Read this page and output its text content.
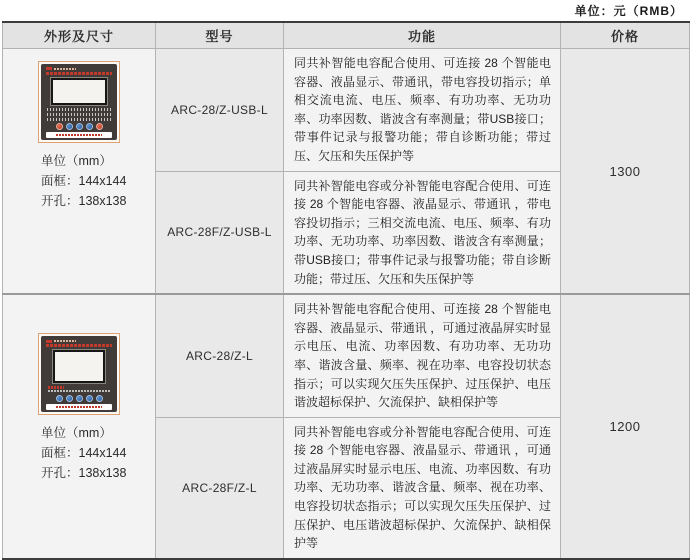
单位：元（RMB）
外形及尺寸	型号	功能	价格

单位（mm）
面框：144x144
开孔：138x138	ARC-28/Z-USB-L	同共补智能电容配合使用、可连接 28 个智能电容器、液晶显示、带通讯，带电容投切指示；单相交流电流、电压、频率、有功功率、无功功率、功率因数、谐波含有率测量；带USB接口；带事件记录与报警功能；带自诊断功能；带过压、欠压和失压保护等	1300
	ARC-28F/Z-USB-L	同共补智能电容或分补智能电容配合使用、可连接 28 个智能电容器、液晶显示、带通讯 ，带电容投切指示；三相交流电流、电压、频率、有功功率、无功功率、功率因数、谐波含有率测量；带USB接口；带事件记录与报警功能；带自诊断功能；带过压、欠压和失压保护等	

单位（mm）
面框：144x144
开孔：138x138	ARC-28/Z-L	同共补智能电容配合使用、可连接 28 个智能电容器、液晶显示、带通讯 ，可通过液晶屏实时显示电压、电流、功率因数、有功功率、无功功率、谐波含量、频率、视在功率、电容投切状态指示；可以实现欠压失压保护、过压保护、电压谐波超标保护、欠流保护、缺相保护等	1200
	ARC-28F/Z-L	同共补智能电容或分补智能电容配合使用、可连接 28 个智能电容器、液晶显示、带通讯 ，可通过液晶屏实时显示电压、电流、功率因数、有功功率、无功功率、谐波含量、频率、视在功率、电容投切状态指示；可以实现欠压失压保护、过压保护、电压谐波超标保护、欠流保护、缺相保护等	
